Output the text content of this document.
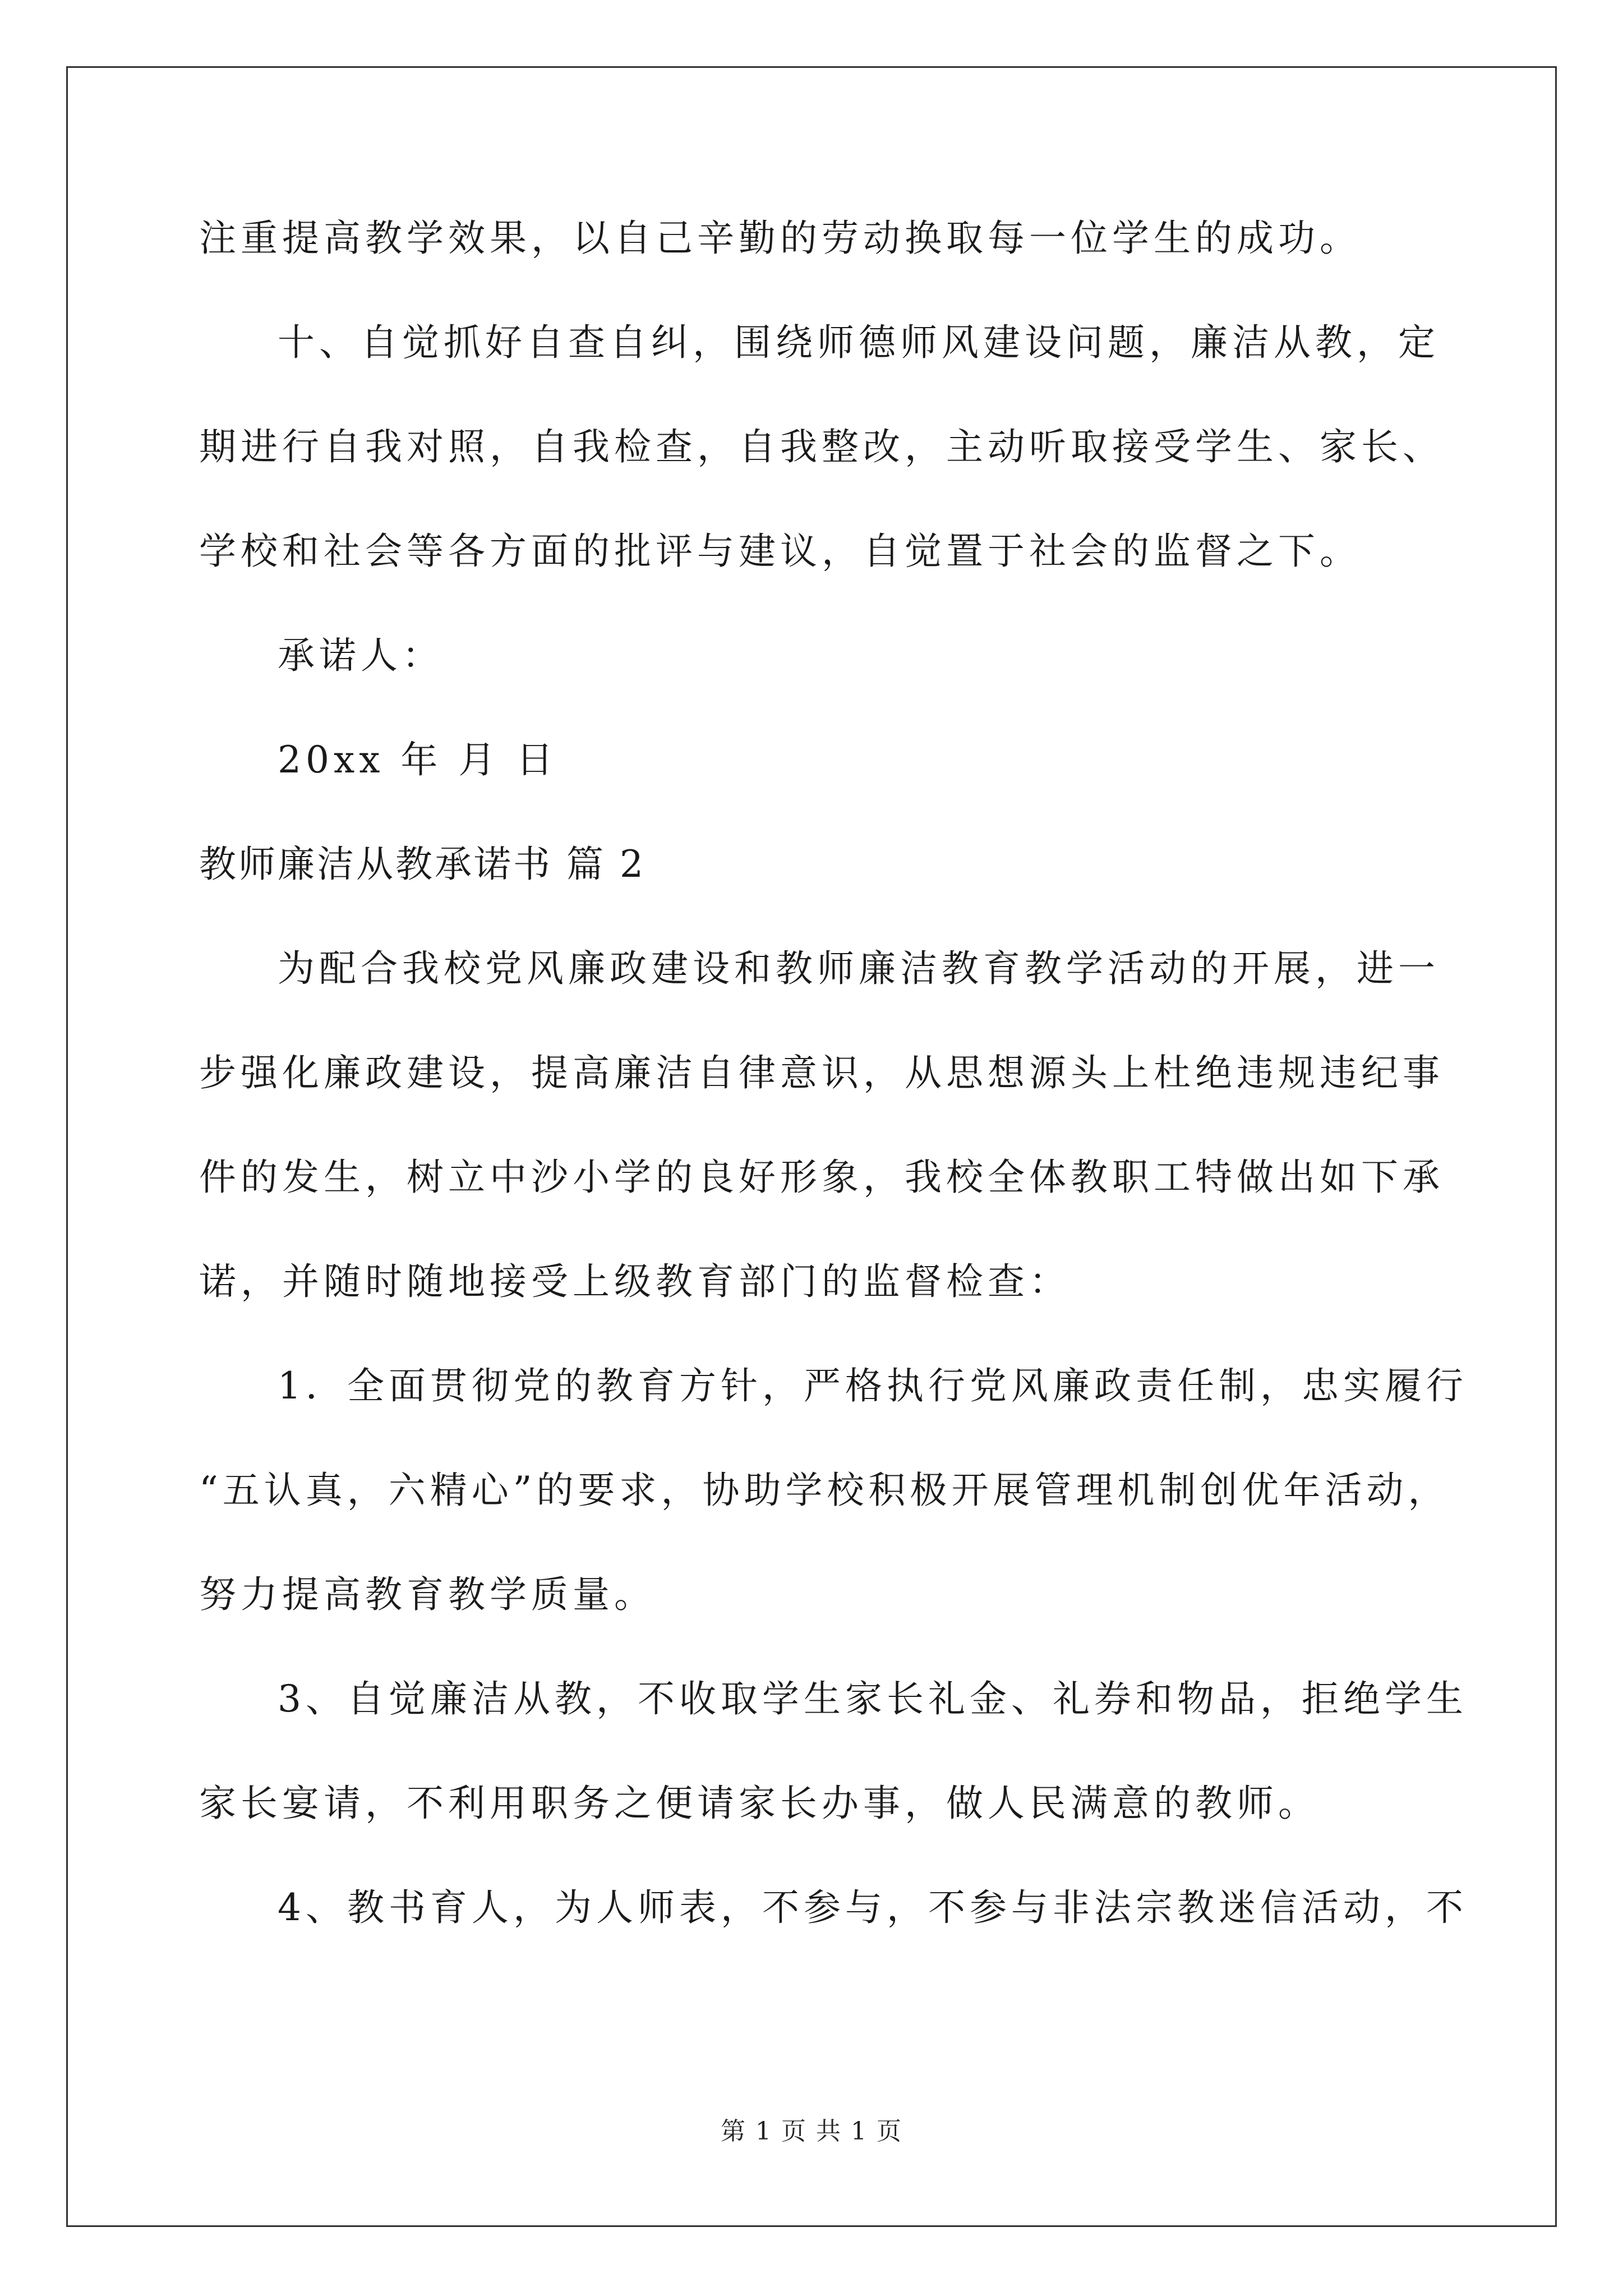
注重提高教学效果，以自己辛勤的劳动换取每一位学生的成功。

十、自觉抓好自查自纠，围绕师德师风建设问题，廉洁从教，定

期进行自我对照，自我检查，自我整改，主动听取接受学生、家长、

学校和社会等各方面的批评与建议，自觉置于社会的监督之下。

承诺人：

20xx 年 月 日

教师廉洁从教承诺书 篇 2

为配合我校党风廉政建设和教师廉洁教育教学活动的开展，进一

步强化廉政建设，提高廉洁自律意识，从思想源头上杜绝违规违纪事

件的发生，树立中沙小学的良好形象，我校全体教职工特做出如下承

诺，并随时随地接受上级教育部门的监督检查：

1．全面贯彻党的教育方针，严格执行党风廉政责任制，忠实履行

“五认真，六精心”的要求，协助学校积极开展管理机制创优年活动，

努力提高教育教学质量。

3、自觉廉洁从教，不收取学生家长礼金、礼券和物品，拒绝学生

家长宴请，不利用职务之便请家长办事，做人民满意的教师。

4、教书育人，为人师表，不参与，不参与非法宗教迷信活动，不

第 1 页 共 1 页
